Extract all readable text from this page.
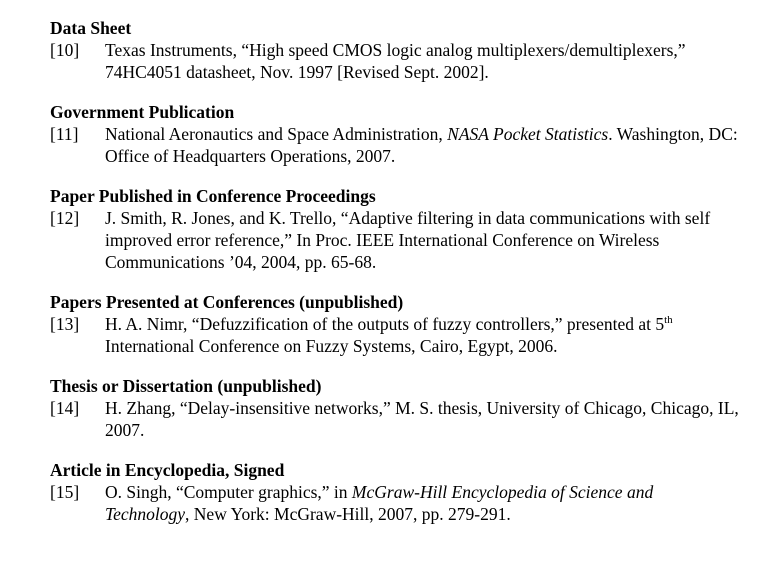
Data Sheet
[10]	Texas Instruments, “High speed CMOS logic analog multiplexers/demultiplexers,” 74HC4051 datasheet, Nov. 1997 [Revised Sept. 2002].
Government Publication
[11]	National Aeronautics and Space Administration, NASA Pocket Statistics. Washington, DC: Office of Headquarters Operations, 2007.
Paper Published in Conference Proceedings
[12]	J. Smith, R. Jones, and K. Trello, “Adaptive filtering in data communications with self improved error reference,” In Proc. IEEE International Conference on Wireless Communications ’04, 2004, pp. 65-68.
Papers Presented at Conferences (unpublished)
[13]	H. A. Nimr, “Defuzzification of the outputs of fuzzy controllers,” presented at 5th International Conference on Fuzzy Systems, Cairo, Egypt, 2006.
Thesis or Dissertation (unpublished)
[14]	H. Zhang, “Delay-insensitive networks,” M. S. thesis, University of Chicago, Chicago, IL, 2007.
Article in Encyclopedia, Signed
[15]	O. Singh, “Computer graphics,” in McGraw-Hill Encyclopedia of Science and Technology, New York: McGraw-Hill, 2007, pp. 279-291.
